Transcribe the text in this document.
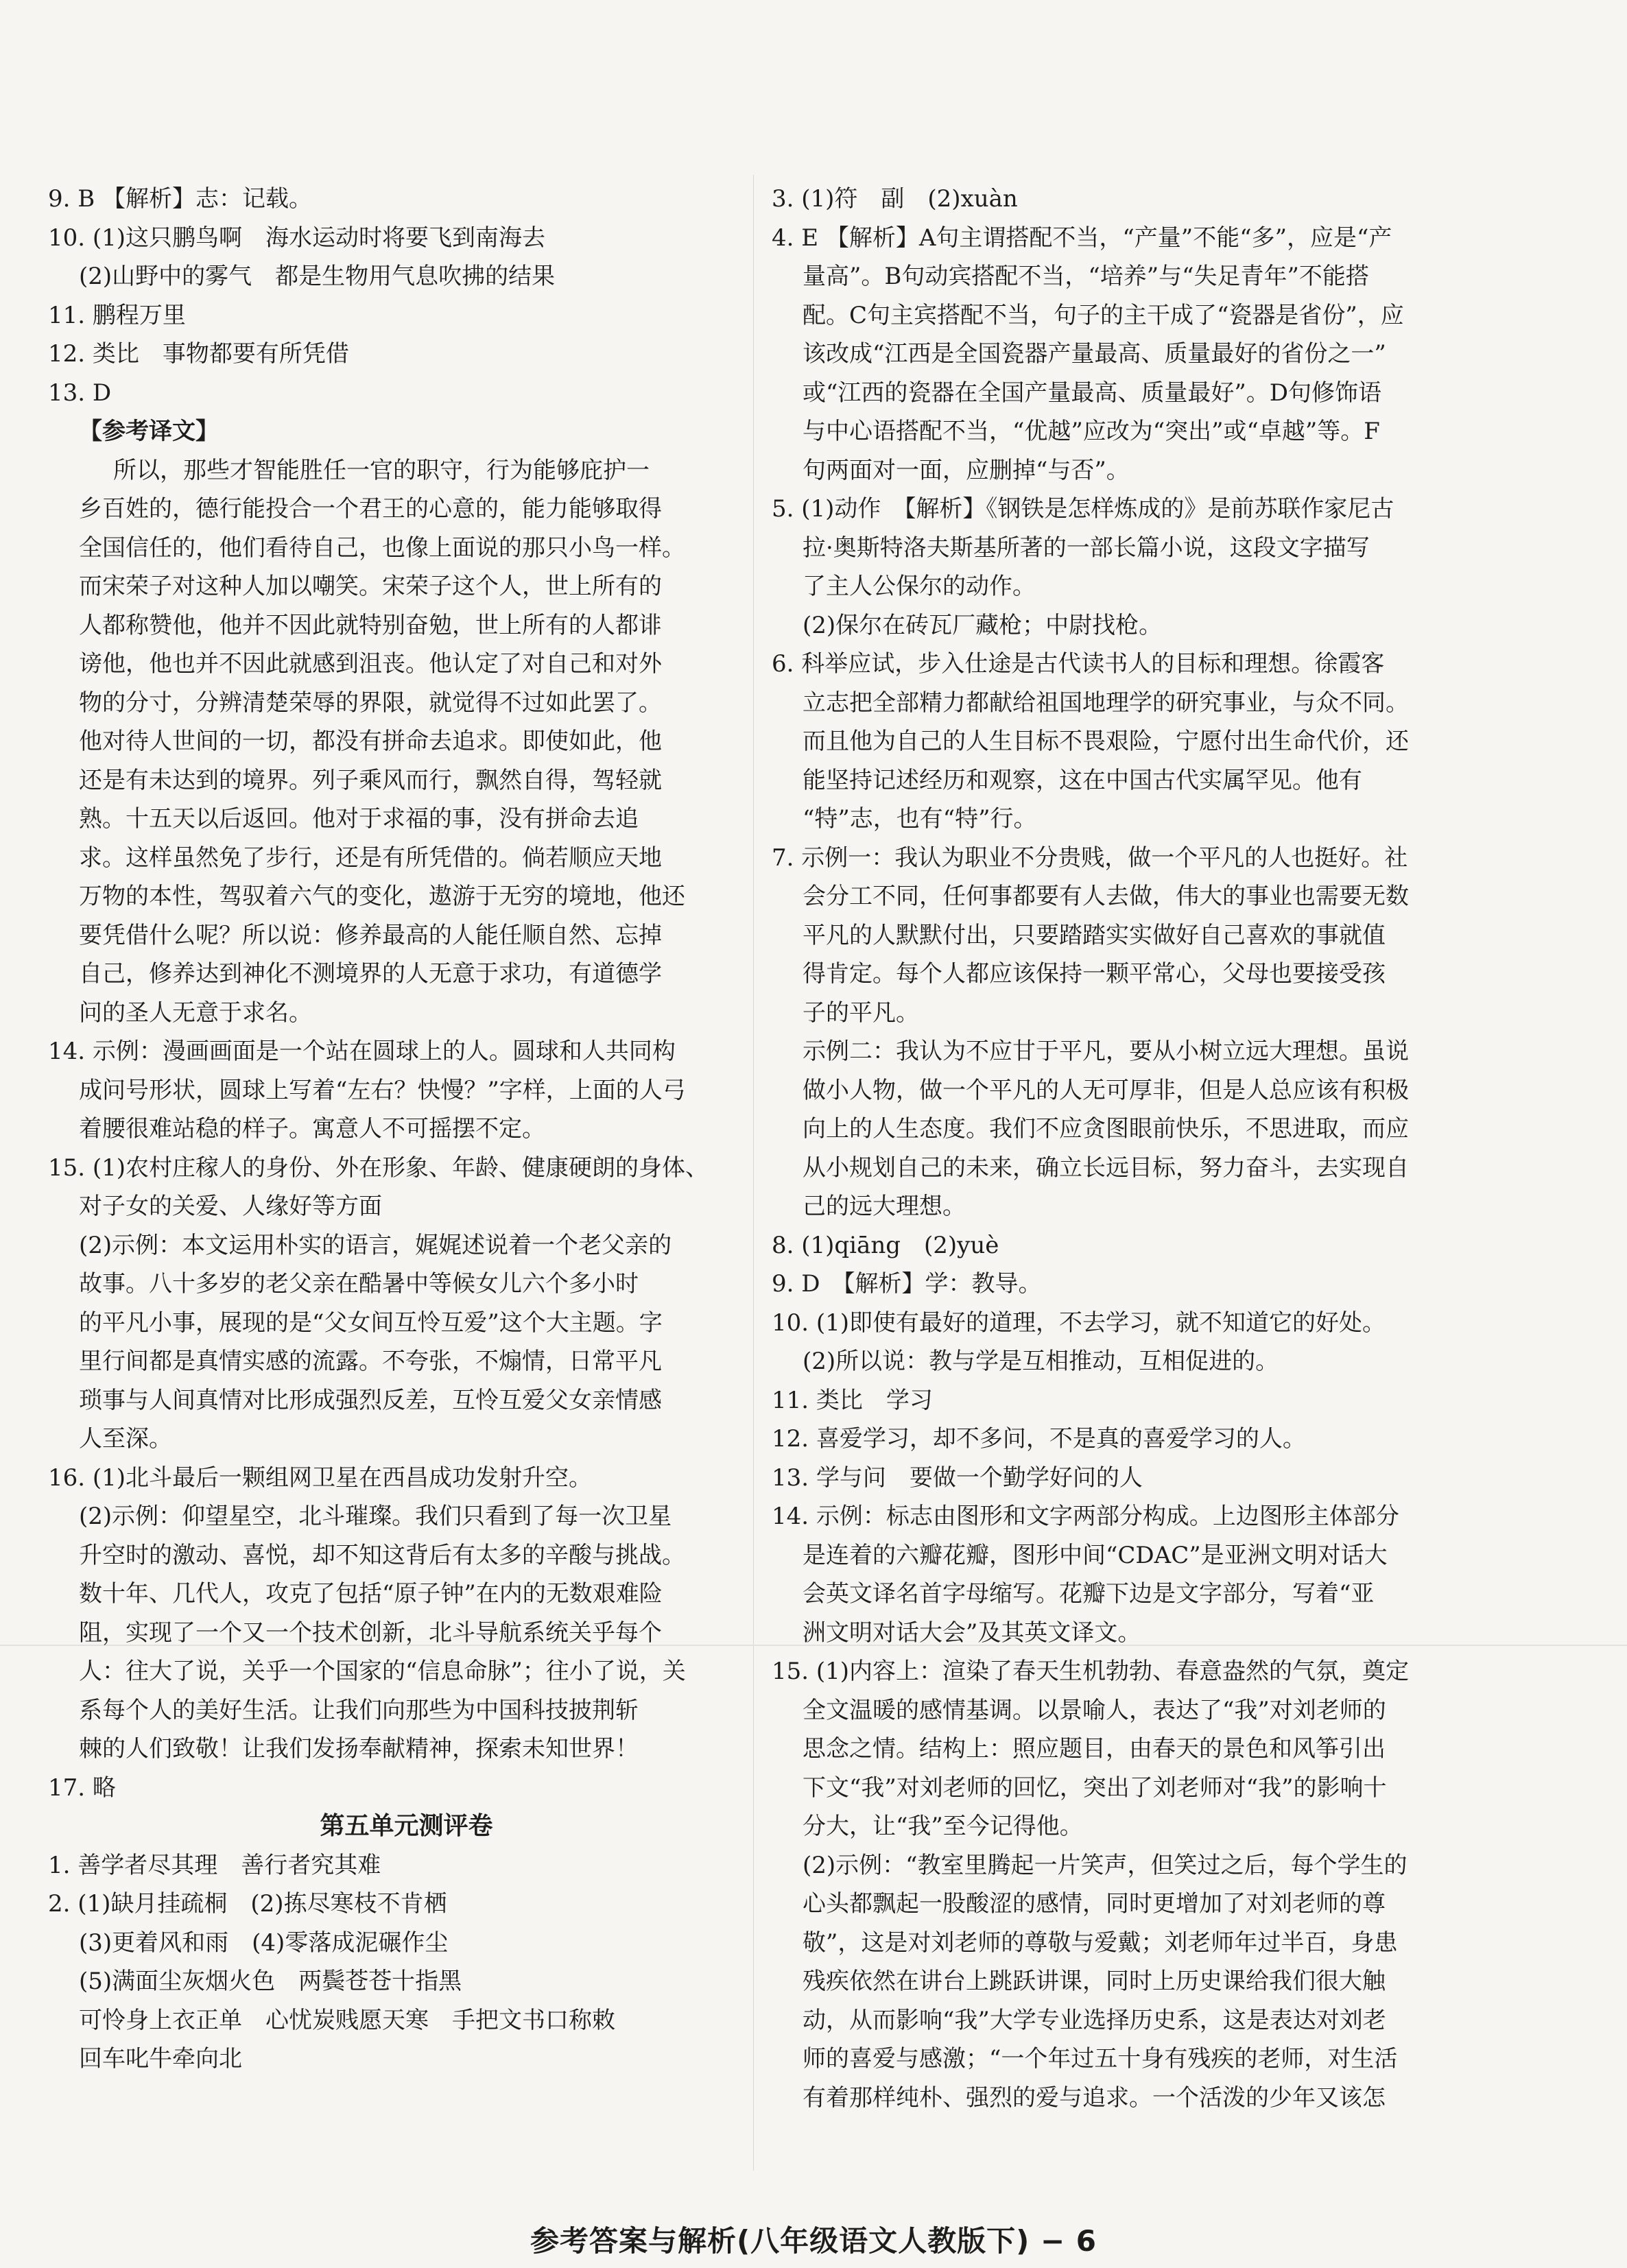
9. B 【解析】志：记载。
10. (1)这只鹏鸟啊　海水运动时将要飞到南海去
(2)山野中的雾气　都是生物用气息吹拂的结果
11. 鹏程万里
12. 类比　事物都要有所凭借
13. D
【参考译文】
所以，那些才智能胜任一官的职守，行为能够庇护一
乡百姓的，德行能投合一个君王的心意的，能力能够取得
全国信任的，他们看待自己，也像上面说的那只小鸟一样。
而宋荣子对这种人加以嘲笑。宋荣子这个人，世上所有的
人都称赞他，他并不因此就特别奋勉，世上所有的人都诽
谤他，他也并不因此就感到沮丧。他认定了对自己和对外
物的分寸，分辨清楚荣辱的界限，就觉得不过如此罢了。
他对待人世间的一切，都没有拼命去追求。即使如此，他
还是有未达到的境界。列子乘风而行，飘然自得，驾轻就
熟。十五天以后返回。他对于求福的事，没有拼命去追
求。这样虽然免了步行，还是有所凭借的。倘若顺应天地
万物的本性，驾驭着六气的变化，遨游于无穷的境地，他还
要凭借什么呢？所以说：修养最高的人能任顺自然、忘掉
自己，修养达到神化不测境界的人无意于求功，有道德学
问的圣人无意于求名。
14. 示例：漫画画面是一个站在圆球上的人。圆球和人共同构
成问号形状，圆球上写着“左右？快慢？”字样，上面的人弓
着腰很难站稳的样子。寓意人不可摇摆不定。
15. (1)农村庄稼人的身份、外在形象、年龄、健康硬朗的身体、
对子女的关爱、人缘好等方面
(2)示例：本文运用朴实的语言，娓娓述说着一个老父亲的
故事。八十多岁的老父亲在酷暑中等候女儿六个多小时
的平凡小事，展现的是“父女间互怜互爱”这个大主题。字
里行间都是真情实感的流露。不夸张，不煽情，日常平凡
琐事与人间真情对比形成强烈反差，互怜互爱父女亲情感
人至深。
16. (1)北斗最后一颗组网卫星在西昌成功发射升空。
(2)示例：仰望星空，北斗璀璨。我们只看到了每一次卫星
升空时的激动、喜悦，却不知这背后有太多的辛酸与挑战。
数十年、几代人，攻克了包括“原子钟”在内的无数艰难险
阻，实现了一个又一个技术创新，北斗导航系统关乎每个
人：往大了说，关乎一个国家的“信息命脉”；往小了说，关
系每个人的美好生活。让我们向那些为中国科技披荆斩
棘的人们致敬！让我们发扬奉献精神，探索未知世界！
17. 略
第五单元测评卷
1. 善学者尽其理　善行者究其难
2. (1)缺月挂疏桐　(2)拣尽寒枝不肯栖
(3)更着风和雨　(4)零落成泥碾作尘
(5)满面尘灰烟火色　两鬓苍苍十指黑
可怜身上衣正单　心忧炭贱愿天寒　手把文书口称敕
回车叱牛牵向北
3. (1)符　副　(2)xuàn
4. E 【解析】A句主谓搭配不当，“产量”不能“多”，应是“产
量高”。B句动宾搭配不当，“培养”与“失足青年”不能搭
配。C句主宾搭配不当，句子的主干成了“瓷器是省份”，应
该改成“江西是全国瓷器产量最高、质量最好的省份之一”
或“江西的瓷器在全国产量最高、质量最好”。D句修饰语
与中心语搭配不当，“优越”应改为“突出”或“卓越”等。F
句两面对一面，应删掉“与否”。
5. (1)动作　【解析】《钢铁是怎样炼成的》是前苏联作家尼古
拉·奥斯特洛夫斯基所著的一部长篇小说，这段文字描写
了主人公保尔的动作。
(2)保尔在砖瓦厂藏枪；中尉找枪。
6. 科举应试，步入仕途是古代读书人的目标和理想。徐霞客
立志把全部精力都献给祖国地理学的研究事业，与众不同。
而且他为自己的人生目标不畏艰险，宁愿付出生命代价，还
能坚持记述经历和观察，这在中国古代实属罕见。他有
“特”志，也有“特”行。
7. 示例一：我认为职业不分贵贱，做一个平凡的人也挺好。社
会分工不同，任何事都要有人去做，伟大的事业也需要无数
平凡的人默默付出，只要踏踏实实做好自己喜欢的事就值
得肯定。每个人都应该保持一颗平常心，父母也要接受孩
子的平凡。
示例二：我认为不应甘于平凡，要从小树立远大理想。虽说
做小人物，做一个平凡的人无可厚非，但是人总应该有积极
向上的人生态度。我们不应贪图眼前快乐，不思进取，而应
从小规划自己的未来，确立长远目标，努力奋斗，去实现自
己的远大理想。
8. (1)qiāng　(2)yuè
9. D　【解析】学：教导。
10. (1)即使有最好的道理，不去学习，就不知道它的好处。
(2)所以说：教与学是互相推动，互相促进的。
11. 类比　学习
12. 喜爱学习，却不多问，不是真的喜爱学习的人。
13. 学与问　要做一个勤学好问的人
14. 示例：标志由图形和文字两部分构成。上边图形主体部分
是连着的六瓣花瓣，图形中间“CDAC”是亚洲文明对话大
会英文译名首字母缩写。花瓣下边是文字部分，写着“亚
洲文明对话大会”及其英文译文。
15. (1)内容上：渲染了春天生机勃勃、春意盎然的气氛，奠定
全文温暖的感情基调。以景喻人，表达了“我”对刘老师的
思念之情。结构上：照应题目，由春天的景色和风筝引出
下文“我”对刘老师的回忆，突出了刘老师对“我”的影响十
分大，让“我”至今记得他。
(2)示例：“教室里腾起一片笑声，但笑过之后，每个学生的
心头都飘起一股酸涩的感情，同时更增加了对刘老师的尊
敬”，这是对刘老师的尊敬与爱戴；刘老师年过半百，身患
残疾依然在讲台上跳跃讲课，同时上历史课给我们很大触
动，从而影响“我”大学专业选择历史系，这是表达对刘老
师的喜爱与感激；“一个年过五十身有残疾的老师，对生活
有着那样纯朴、强烈的爱与追求。一个活泼的少年又该怎
参考答案与解析(八年级语文人教版下) − 6
